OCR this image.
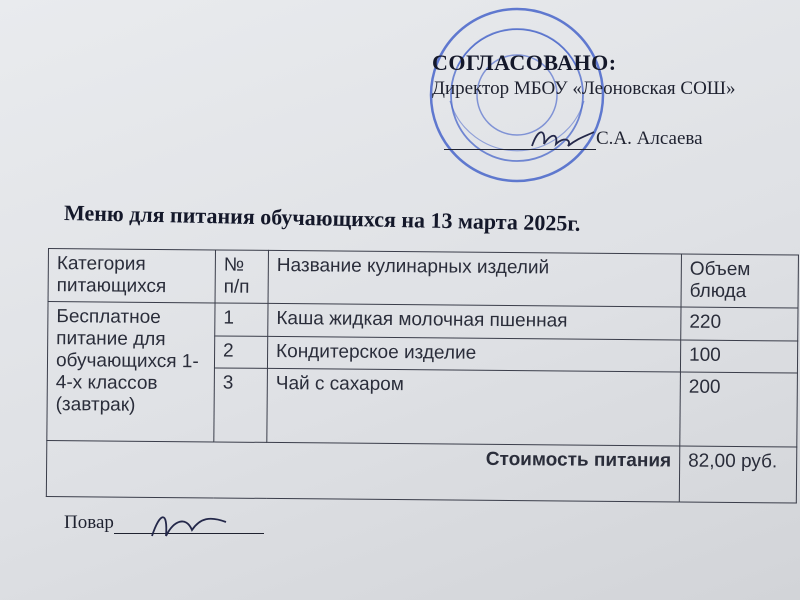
СОГЛАСОВАНО:
Директор МБОУ «Леоновская СОШ»
С.А. Алсаева
Меню для питания обучающихся на 13 марта 2025г.
Категория питающихся	№ п/п	Название кулинарных изделий	Объем блюда
Бесплатное питание для обучающихся 1-4-х классов (завтрак)	1	Каша жидкая молочная пшенная	220
	2	Кондитерское изделие	100
	3	Чай с сахаром	200
Стоимость питания			82,00 руб.
Повар
